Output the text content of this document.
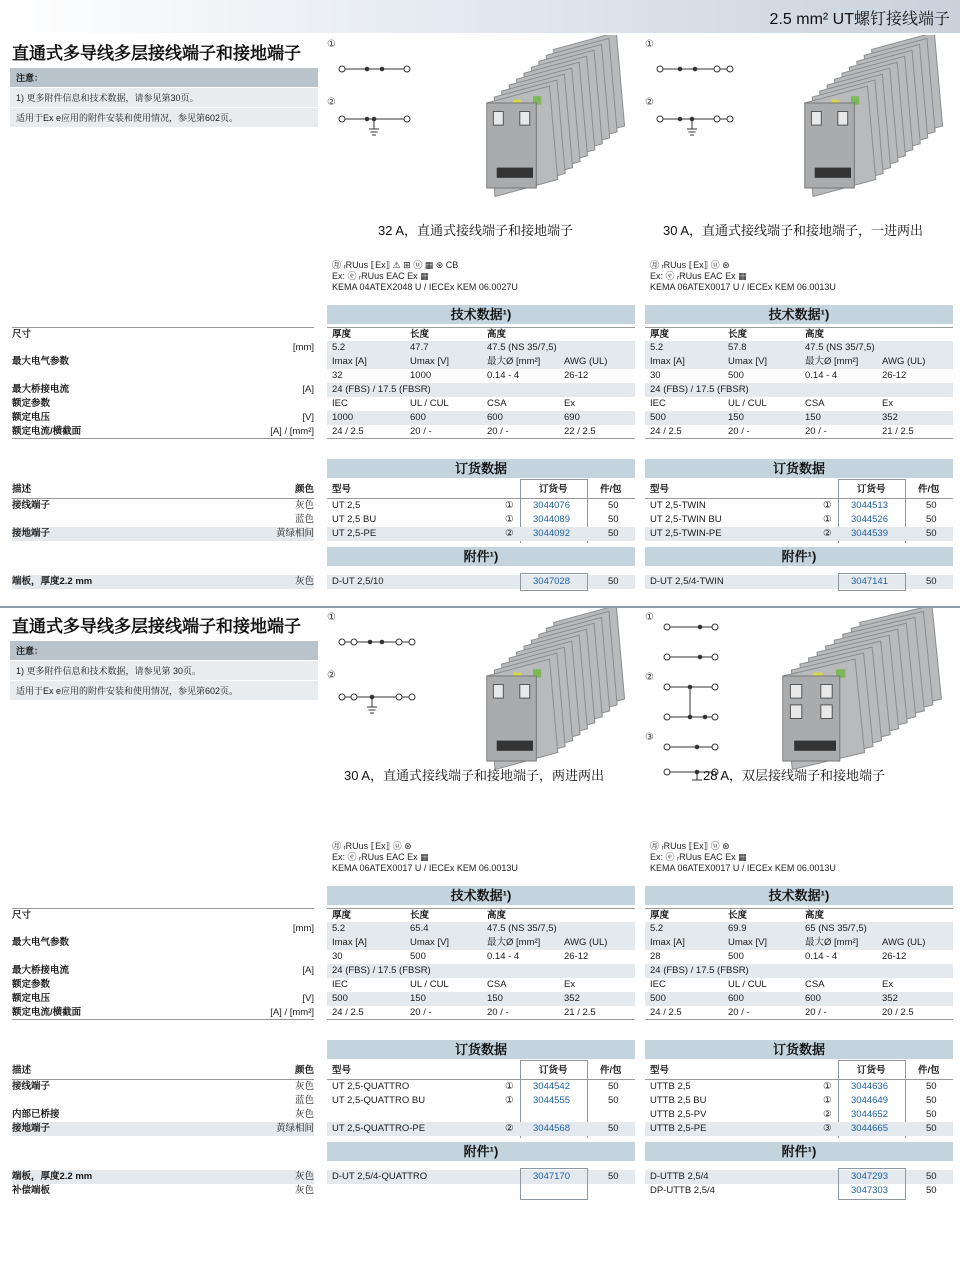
2.5 mm² UT螺钉接线端子
直通式多导线多层接线端子和接地端子
注意：
1) 更多附件信息和技术数据，请参见第30页。
适用于Ex e应用的附件安装和使用情况，参见第602页。
尺寸
[mm]
最大电气参数
最大桥接电流	[A]
额定参数
额定电压	[V]
额定电流/横截面	[A] / [mm²]
描述	颜色
接线端子	灰色
蓝色
接地端子	黄绿相间
端板，厚度2.2 mm	灰色
①
②
32 A，直通式接线端子和接地端子
㊊ ᵣRUus ⟦Ex⟧ ⚠ ⊞ ⓤ ▦ ⊛ CB
Ex: ⓔ ᵣRUus EAC Ex ▦
KEMA 04ATEX2048 U / IECEx KEM 06.0027U
技术数据¹)
厚度	长度	高度
5.2	47.7	47.5 (NS 35/7,5)
Imax [A]	Umax [V]	最大Ø [mm²] AWG (UL)
32	1000	0.14 - 4	26-12
24 (FBS) / 17.5 (FBSR)
IEC	UL / CUL	CSA	Ex
1000	600	600	690
24 / 2.5	20 / -	20 / -	22 / 2.5
订货数据
型号	订货号	件/包
UT 2,5	① 3044076	50
UT 2,5 BU	① 3044089	50
UT 2,5-PE	② 3044092	50
附件¹)
D-UT 2,5/10	3047028	50
①
②
30 A，直通式接线端子和接地端子，一进两出
㊊ ᵣRUus ⟦Ex⟧ ⓤ ⊛
Ex: ⓔ ᵣRUus EAC Ex ▦
KEMA 06ATEX0017 U / IECEx KEM 06.0013U
技术数据¹)
厚度	长度	高度
5.2	57.8	47.5 (NS 35/7,5)
Imax [A]	Umax [V]	最大Ø [mm²] AWG (UL)
30	500	0.14 - 4	26-12
24 (FBS) / 17.5 (FBSR)
IEC	UL / CUL	CSA	Ex
500	150	150	352
24 / 2.5	20 / -	20 / -	21 / 2.5
订货数据
型号	订货号	件/包
UT 2,5-TWIN	① 3044513	50
UT 2,5-TWIN BU	① 3044526	50
UT 2,5-TWIN-PE	② 3044539	50
附件¹)
D-UT 2,5/4-TWIN	3047141	50
直通式多导线多层接线端子和接地端子
注意：
1) 更多附件信息和技术数据，请参见第 30页。
适用于Ex e应用的附件安装和使用情况，参见第602页。
尺寸
[mm]
最大电气参数
最大桥接电流	[A]
额定参数
额定电压	[V]
额定电流/横截面	[A] / [mm²]
描述	颜色
接线端子	灰色
蓝色
内部已桥接	灰色
接地端子	黄绿相间
端板，厚度2.2 mm	灰色
补偿端板	灰色
①
②
30 A，直通式接线端子和接地端子，两进两出
㊊ ᵣRUus ⟦Ex⟧ ⓤ ⊛
Ex: ⓔ ᵣRUus EAC Ex ▦
KEMA 06ATEX0017 U / IECEx KEM 06.0013U
技术数据¹)
厚度	长度	高度
5.2	65.4	47.5 (NS 35/7,5)
Imax [A]	Umax [V]	最大Ø [mm²] AWG (UL)
30	500	0.14 - 4	26-12
24 (FBS) / 17.5 (FBSR)
IEC	UL / CUL	CSA	Ex
500	150	150	352
24 / 2.5	20 / -	20 / -	21 / 2.5
订货数据
型号	订货号	件/包
UT 2,5-QUATTRO	① 3044542	50
UT 2,5-QUATTRO BU	① 3044555	50
UT 2,5-QUATTRO-PE	② 3044568	50
附件¹)
D-UT 2,5/4-QUATTRO	3047170	50
①
②
③
28 A，双层接线端子和接地端子
㊊ ᵣRUus ⟦Ex⟧ ⓤ ⊛
Ex: ⓔ ᵣRUus EAC Ex ▦
KEMA 06ATEX0017 U / IECEx KEM 06.0013U
技术数据¹)
厚度	长度	高度
5.2	69.9	65 (NS 35/7,5)
Imax [A]	Umax [V]	最大Ø [mm²] AWG (UL)
28	500	0.14 - 4	26-12
24 (FBS) / 17.5 (FBSR)
IEC	UL / CUL	CSA	Ex
500	600	600	352
24 / 2.5	20 / -	20 / -	20 / 2.5
订货数据
型号	订货号	件/包
UTTB 2,5	① 3044636	50
UTTB 2,5 BU	① 3044649	50
UTTB 2,5-PV	② 3044652	50
UTTB 2,5-PE	③ 3044665	50
附件¹)
D-UTTB 2,5/4	3047293	50
DP-UTTB 2,5/4	3047303	50
